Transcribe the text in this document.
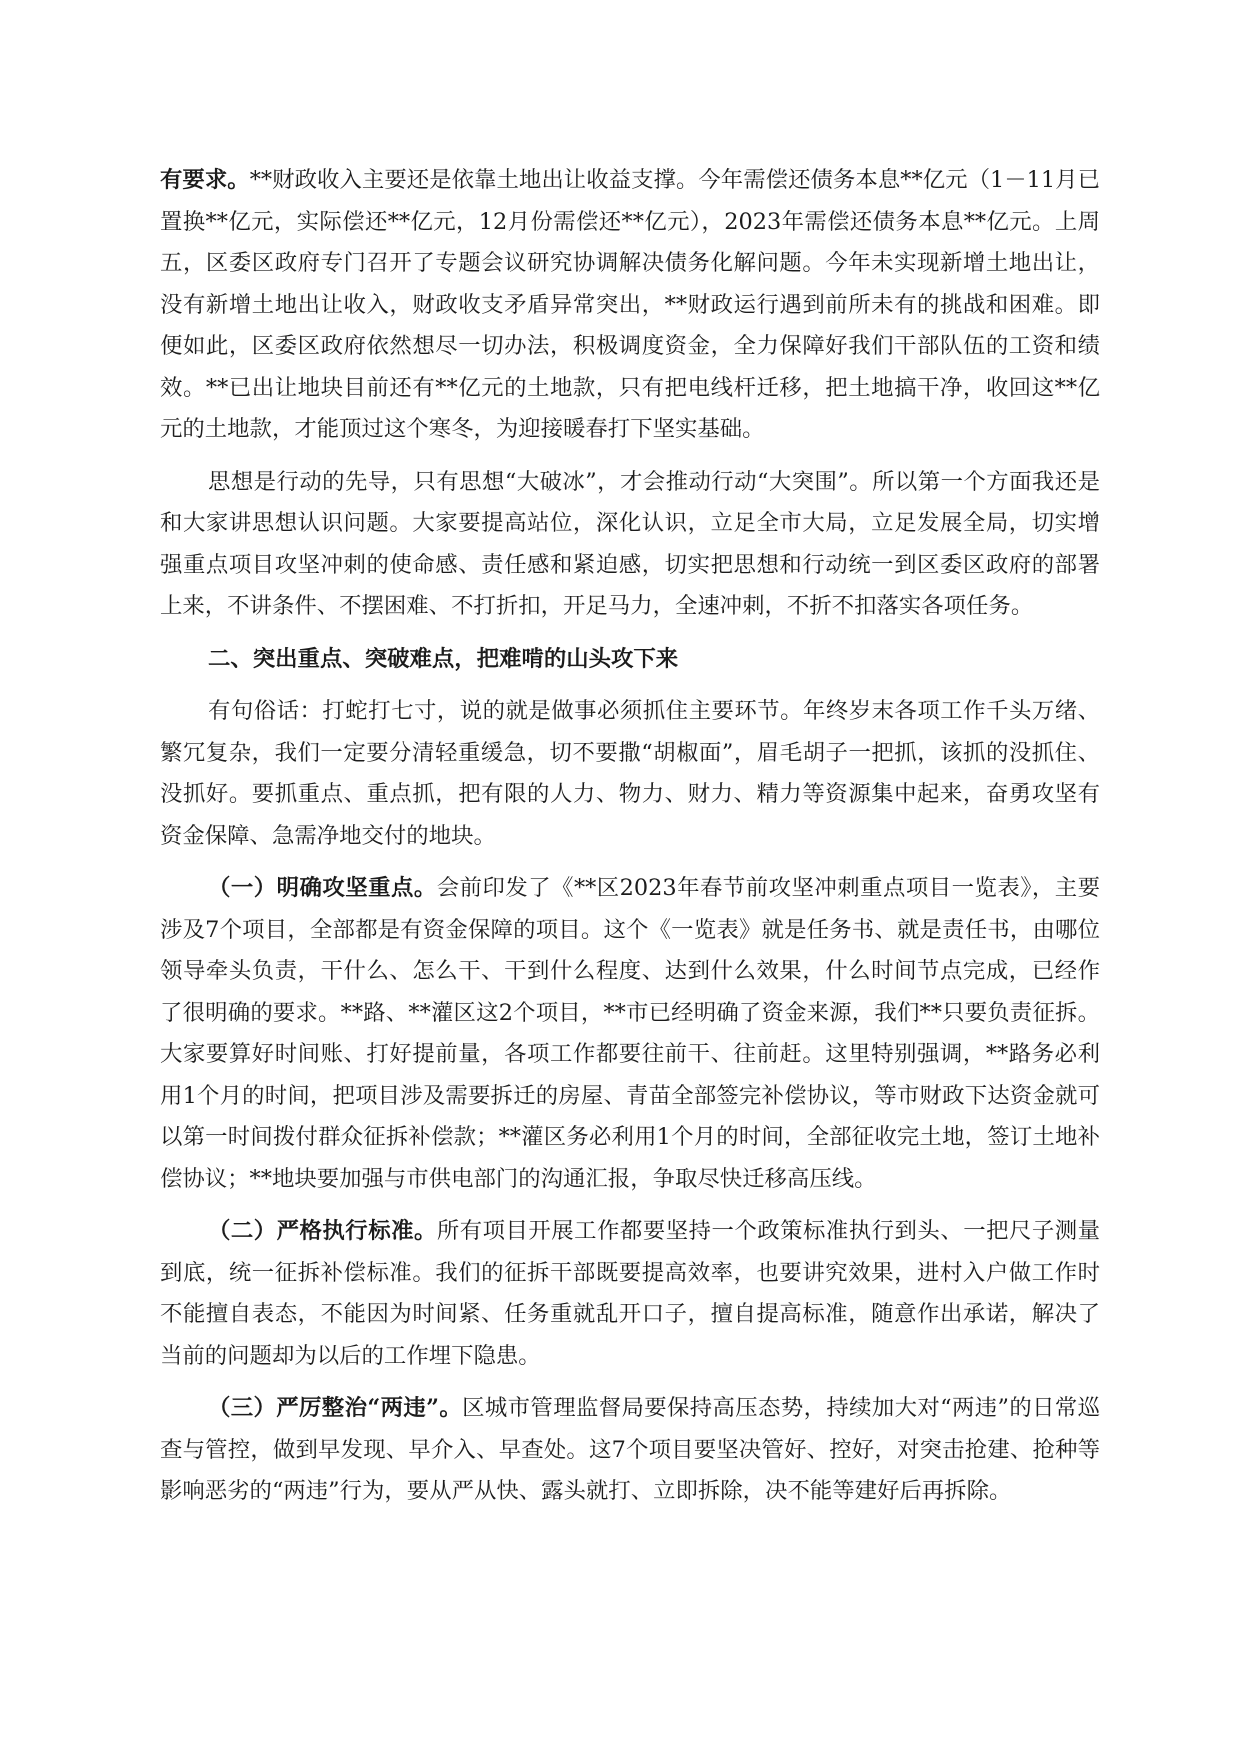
有要求。**财政收入主要还是依靠土地出让收益支撑。今年需偿还债务本息**亿元（1－11月已置换**亿元，实际偿还**亿元，12月份需偿还**亿元），2023年需偿还债务本息**亿元。上周五，区委区政府专门召开了专题会议研究协调解决债务化解问题。今年未实现新增土地出让，没有新增土地出让收入，财政收支矛盾异常突出，**财政运行遇到前所未有的挑战和困难。即便如此，区委区政府依然想尽一切办法，积极调度资金，全力保障好我们干部队伍的工资和绩效。**已出让地块目前还有**亿元的土地款，只有把电线杆迁移，把土地搞干净，收回这**亿元的土地款，才能顶过这个寒冬，为迎接暖春打下坚实基础。

思想是行动的先导，只有思想“大破冰”，才会推动行动“大突围”。所以第一个方面我还是和大家讲思想认识问题。大家要提高站位，深化认识，立足全市大局，立足发展全局，切实增强重点项目攻坚冲刺的使命感、责任感和紧迫感，切实把思想和行动统一到区委区政府的部署上来，不讲条件、不摆困难、不打折扣，开足马力，全速冲刺，不折不扣落实各项任务。

二、突出重点、突破难点，把难啃的山头攻下来

有句俗话：打蛇打七寸，说的就是做事必须抓住主要环节。年终岁末各项工作千头万绪、繁冗复杂，我们一定要分清轻重缓急，切不要撒“胡椒面”，眉毛胡子一把抓，该抓的没抓住、没抓好。要抓重点、重点抓，把有限的人力、物力、财力、精力等资源集中起来，奋勇攻坚有资金保障、急需净地交付的地块。

（一）明确攻坚重点。会前印发了《**区2023年春节前攻坚冲刺重点项目一览表》，主要涉及7个项目，全部都是有资金保障的项目。这个《一览表》就是任务书、就是责任书，由哪位领导牵头负责，干什么、怎么干、干到什么程度、达到什么效果，什么时间节点完成，已经作了很明确的要求。**路、**灌区这2个项目，**市已经明确了资金来源，我们**只要负责征拆。大家要算好时间账、打好提前量，各项工作都要往前干、往前赶。这里特别强调，**路务必利用1个月的时间，把项目涉及需要拆迁的房屋、青苗全部签完补偿协议，等市财政下达资金就可以第一时间拨付群众征拆补偿款；**灌区务必利用1个月的时间，全部征收完土地，签订土地补偿协议；**地块要加强与市供电部门的沟通汇报，争取尽快迁移高压线。

（二）严格执行标准。所有项目开展工作都要坚持一个政策标准执行到头、一把尺子测量到底，统一征拆补偿标准。我们的征拆干部既要提高效率，也要讲究效果，进村入户做工作时不能擅自表态，不能因为时间紧、任务重就乱开口子，擅自提高标准，随意作出承诺，解决了当前的问题却为以后的工作埋下隐患。

（三）严厉整治“两违”。区城市管理监督局要保持高压态势，持续加大对“两违”的日常巡查与管控，做到早发现、早介入、早查处。这7个项目要坚决管好、控好，对突击抢建、抢种等影响恶劣的“两违”行为，要从严从快、露头就打、立即拆除，决不能等建好后再拆除。
